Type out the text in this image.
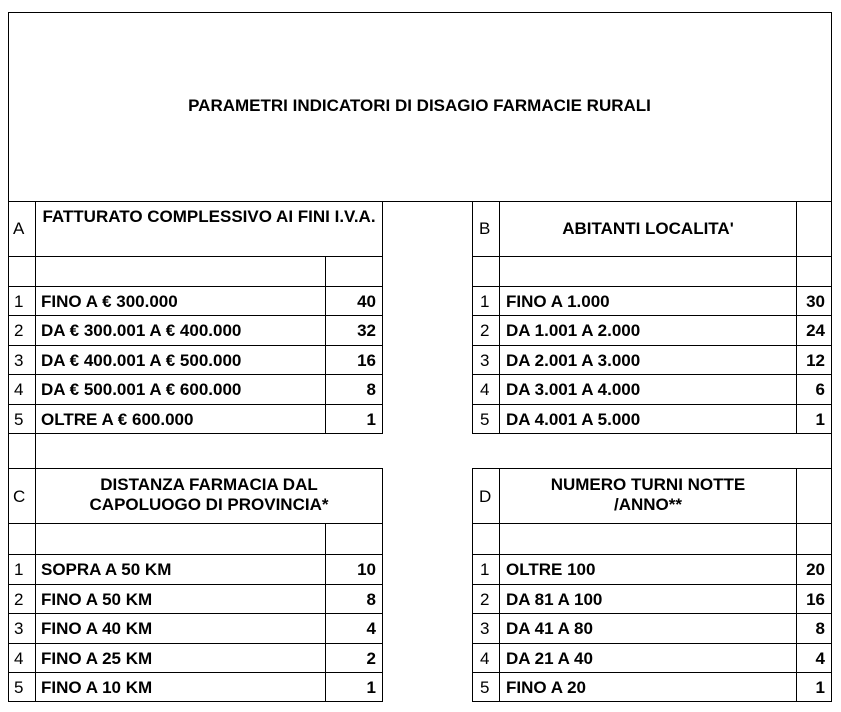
PARAMETRI INDICATORI DI DISAGIO FARMACIE RURALI
A
FATTURATO COMPLESSIVO AI FINI I.V.A.
1 FINO A € 300.000	40
2 DA € 300.001 A € 400.000	32
3 DA € 400.001 A € 500.000	16
4 DA € 500.001 A € 600.000	8
5 OLTRE A € 600.000	1
B	ABITANTI LOCALITA'
1 FINO A 1.000	30
2 DA 1.001 A 2.000	24
3 DA 2.001 A 3.000	12
4 DA 3.001 A 4.000	6
5 DA 4.001 A 5.000	1
C
DISTANZA FARMACIA DAL CAPOLUOGO DI PROVINCIA*
1 SOPRA A 50 KM	10
2 FINO A 50 KM	8
3 FINO A 40 KM	4
4 FINO A 25 KM	2
5 FINO A 10 KM	1
D
NUMERO TURNI NOTTE /ANNO**
1 OLTRE 100	20
2 DA 81 A 100	16
3 DA 41 A 80	8
4 DA 21 A 40	4
5 FINO A 20	1
